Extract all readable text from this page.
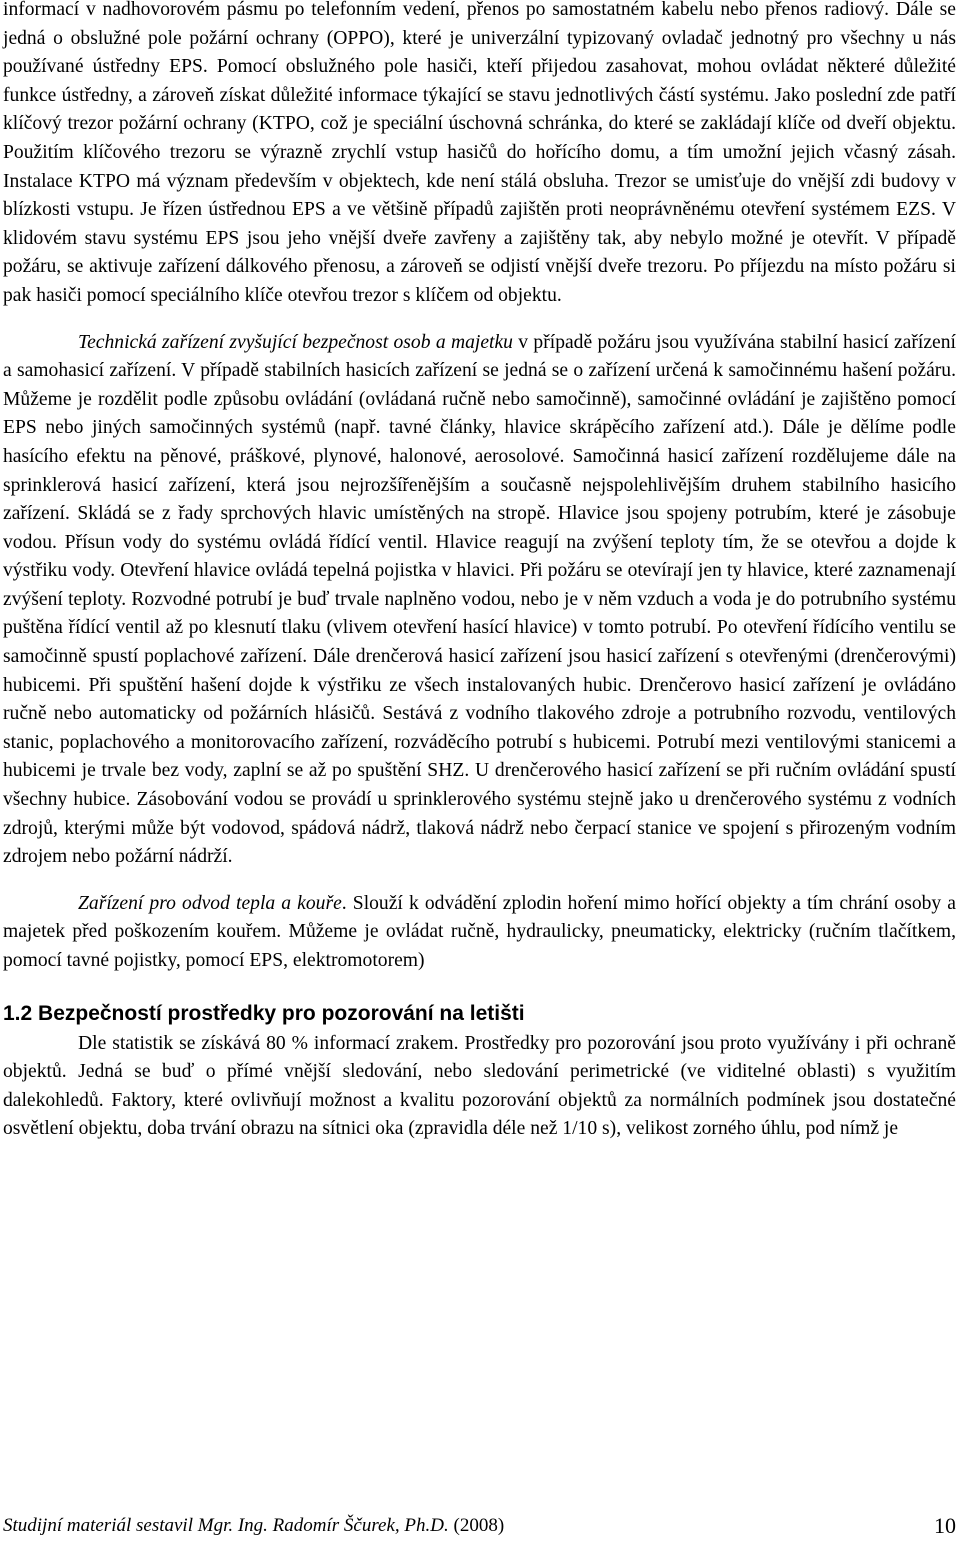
informací v nadhovorovém pásmu po telefonním vedení, přenos po samostatném kabelu nebo přenos radiový. Dále se jedná o obslužné pole požární ochrany (OPPO), které je univerzální typizovaný ovladač jednotný pro všechny u nás používané ústředny EPS. Pomocí obslužného pole hasiči, kteří přijedou zasahovat, mohou ovládat některé důležité funkce ústředny, a zároveň získat důležité informace týkající se stavu jednotlivých částí systému. Jako poslední zde patří klíčový trezor požární ochrany (KTPO, což je speciální úschovná schránka, do které se zakládají klíče od dveří objektu. Použitím klíčového trezoru se výrazně zrychlí vstup hasičů do hořícího domu, a tím umožní jejich včasný zásah. Instalace KTPO má význam především v objektech, kde není stálá obsluha. Trezor se umisťuje do vnější zdi budovy v blízkosti vstupu. Je řízen ústřednou EPS a ve většině případů zajištěn proti neoprávněnému otevření systémem EZS. V klidovém stavu systému EPS jsou jeho vnější dveře zavřeny a zajištěny tak, aby nebylo možné je otevřít. V případě požáru, se aktivuje zařízení dálkového přenosu, a zároveň se odjistí vnější dveře trezoru. Po příjezdu na místo požáru si pak hasiči pomocí speciálního klíče otevřou trezor s klíčem od objektu.

Technická zařízení zvyšující bezpečnost osob a majetku v případě požáru jsou využívána stabilní hasicí zařízení a samohasicí zařízení. V případě stabilních hasicích zařízení se jedná se o zařízení určená k samočinnému hašení požáru. Můžeme je rozdělit podle způsobu ovládání (ovládaná ručně nebo samočinně), samočinné ovládání je zajištěno pomocí EPS nebo jiných samočinných systémů (např. tavné články, hlavice skrápěcího zařízení atd.). Dále je dělíme podle hasícího efektu na pěnové, práškové, plynové, halonové, aerosolové. Samočinná hasicí zařízení rozdělujeme dále na sprinklerová hasicí zařízení, která jsou nejrozšířenějším a současně nejspolehlivějším druhem stabilního hasicího zařízení. Skládá se z řady sprchových hlavic umístěných na stropě. Hlavice jsou spojeny potrubím, které je zásobuje vodou. Přísun vody do systému ovládá řídící ventil. Hlavice reagují na zvýšení teploty tím, že se otevřou a dojde k výstřiku vody. Otevření hlavice ovládá tepelná pojistka v hlavici. Při požáru se otevírají jen ty hlavice, které zaznamenají zvýšení teploty. Rozvodné potrubí je buď trvale naplněno vodou, nebo je v něm vzduch a voda je do potrubního systému puštěna řídící ventil až po klesnutí tlaku (vlivem otevření hasící hlavice) v tomto potrubí. Po otevření řídícího ventilu se samočinně spustí poplachové zařízení. Dále drenčerová hasicí zařízení jsou hasicí zařízení s otevřenými (drenčerovými) hubicemi. Při spuštění hašení dojde k výstřiku ze všech instalovaných hubic. Drenčerovo hasicí zařízení je ovládáno ručně nebo automaticky od požárních hlásičů. Sestává z vodního tlakového zdroje a potrubního rozvodu, ventilových stanic, poplachového a monitorovacího zařízení, rozváděcího potrubí s hubicemi. Potrubí mezi ventilovými stanicemi a hubicemi je trvale bez vody, zaplní se až po spuštění SHZ. U drenčerového hasicí zařízení se při ručním ovládání spustí všechny hubice. Zásobování vodou se provádí u sprinklerového systému stejně jako u drenčerového systému z vodních zdrojů, kterými může být vodovod, spádová nádrž, tlaková nádrž nebo čerpací stanice ve spojení s přirozeným vodním zdrojem nebo požární nádrží.

Zařízení pro odvod tepla a kouře. Slouží k odvádění zplodin hoření mimo hořící objekty a tím chrání osoby a majetek před poškozením kouřem. Můžeme je ovládat ručně, hydraulicky, pneumaticky, elektricky (ručním tlačítkem, pomocí tavné pojistky, pomocí EPS, elektromotorem)

1.2 Bezpečností prostředky pro pozorování na letišti

Dle statistik se získává 80 % informací zrakem. Prostředky pro pozorování jsou proto využívány i při ochraně objektů. Jedná se buď o přímé vnější sledování, nebo sledování perimetrické (ve viditelné oblasti) s využitím dalekohledů. Faktory, které ovlivňují možnost a kvalitu pozorování objektů za normálních podmínek jsou dostatečné osvětlení objektu, doba trvání obrazu na sítnici oka (zpravidla déle než 1/10 s), velikost zorného úhlu, pod nímž je

Studijní materiál sestavil Mgr. Ing. Radomír Ščurek, Ph.D. (2008)	10
